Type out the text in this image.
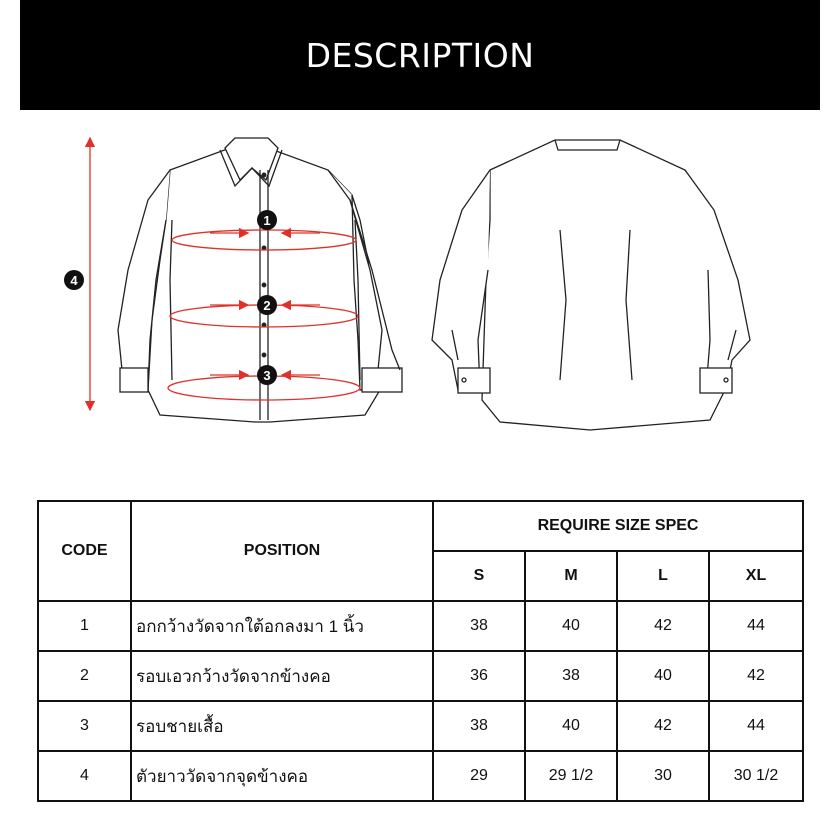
DESCRIPTION
1
2
3
4
CODE	POSITION	REQUIRE SIZE SPEC			
		S	M	L	XL
1	อกกว้างวัดจากใต้อกลงมา 1 นิ้ว	38	40	42	44
2	รอบเอวกว้างวัดจากข้างคอ	36	38	40	42
3	รอบชายเสื้อ	38	40	42	44
4	ตัวยาววัดจากจุดข้างคอ	29	29 1/2	30	30 1/2
